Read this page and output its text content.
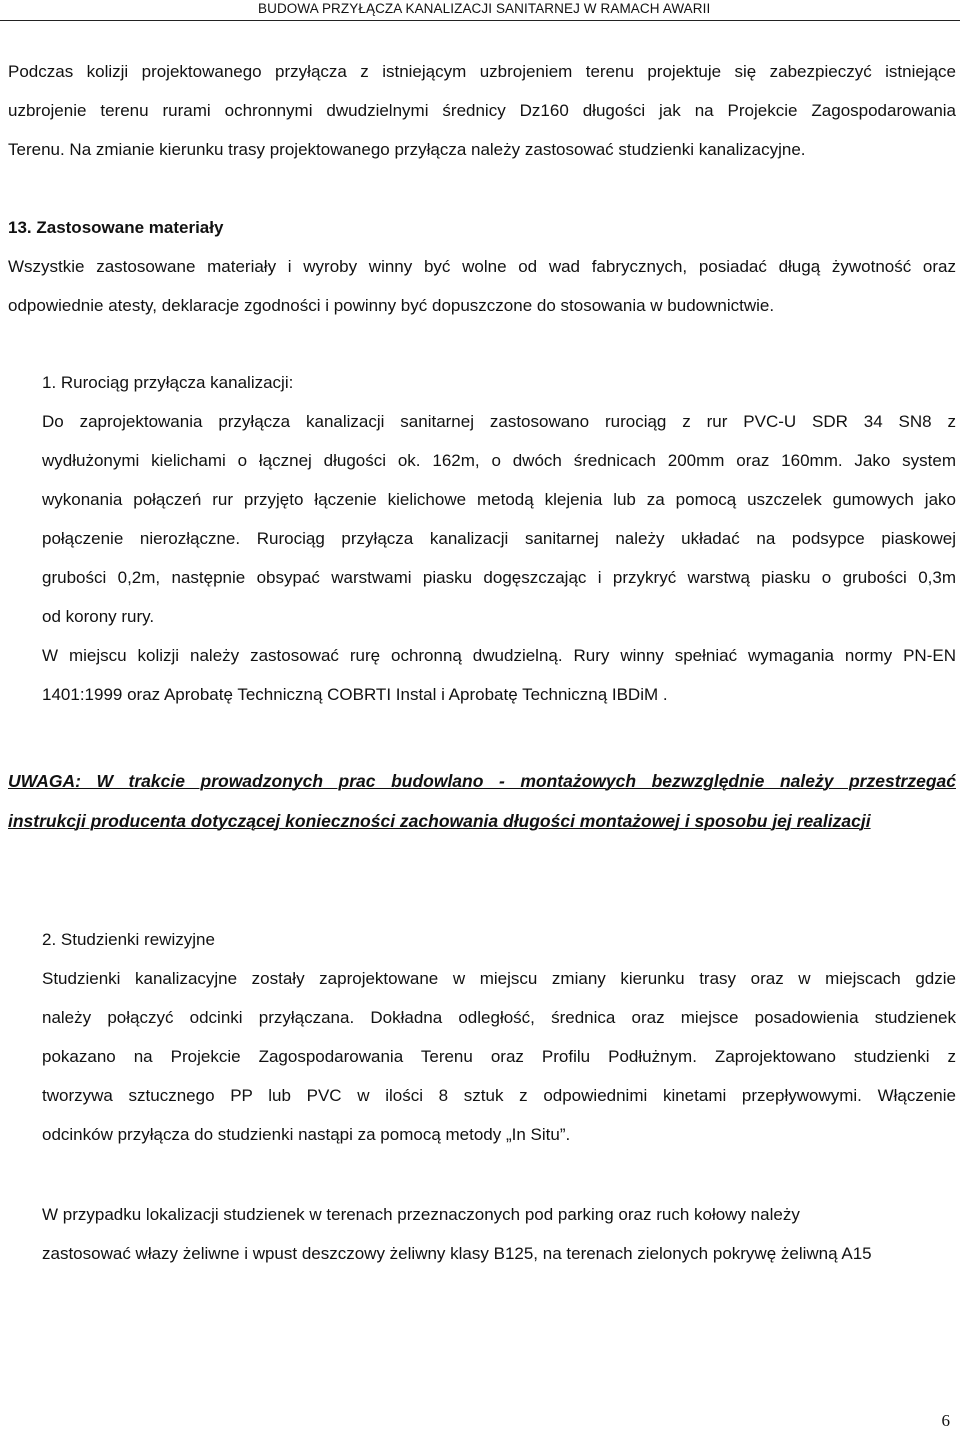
BUDOWA PRZYŁĄCZA KANALIZACJI SANITARNEJ W RAMACH AWARII
Podczas kolizji projektowanego przyłącza z istniejącym uzbrojeniem terenu projektuje się zabezpieczyć istniejące
uzbrojenie terenu rurami ochronnymi dwudzielnymi średnicy Dz160 długości jak na Projekcie Zagospodarowania
Terenu. Na zmianie kierunku trasy projektowanego przyłącza należy zastosować studzienki kanalizacyjne.
13. Zastosowane materiały
Wszystkie zastosowane materiały i wyroby winny być wolne od wad fabrycznych, posiadać długą żywotność oraz
odpowiednie atesty, deklaracje zgodności i powinny być dopuszczone do stosowania w budownictwie.
1. Rurociąg przyłącza kanalizacji:
Do zaprojektowania przyłącza kanalizacji sanitarnej zastosowano rurociąg z rur PVC-U SDR 34 SN8 z
wydłużonymi kielichami o łącznej długości ok. 162m, o dwóch średnicach 200mm oraz 160mm. Jako system
wykonania połączeń rur przyjęto łączenie kielichowe metodą klejenia lub za pomocą uszczelek gumowych jako
połączenie nierozłączne. Rurociąg przyłącza kanalizacji sanitarnej należy układać na podsypce piaskowej
grubości 0,2m, następnie obsypać warstwami piasku dogęszczając i przykryć warstwą piasku o grubości 0,3m
od korony rury.
W miejscu kolizji należy zastosować rurę ochronną dwudzielną. Rury winny spełniać wymagania normy PN-EN
1401:1999 oraz Aprobatę Techniczną COBRTI Instal i Aprobatę Techniczną IBDiM .
UWAGA: W trakcie prowadzonych prac budowlano - montażowych bezwzględnie należy przestrzegać
instrukcji producenta dotyczącej konieczności zachowania długości montażowej i sposobu jej realizacji
2. Studzienki rewizyjne
Studzienki kanalizacyjne zostały zaprojektowane w miejscu zmiany kierunku trasy oraz w miejscach gdzie
należy połączyć odcinki przyłączana. Dokładna odległość, średnica oraz miejsce posadowienia studzienek
pokazano na Projekcie Zagospodarowania Terenu oraz Profilu Podłużnym. Zaprojektowano studzienki z
tworzywa sztucznego PP lub PVC w ilości 8 sztuk z odpowiednimi kinetami przepływowymi. Włączenie
odcinków przyłącza do studzienki nastąpi za pomocą metody „In Situ”.
W przypadku lokalizacji studzienek w terenach przeznaczonych pod parking oraz ruch kołowy należy
zastosować włazy żeliwne i wpust deszczowy żeliwny klasy B125, na terenach zielonych pokrywę żeliwną A15
6
